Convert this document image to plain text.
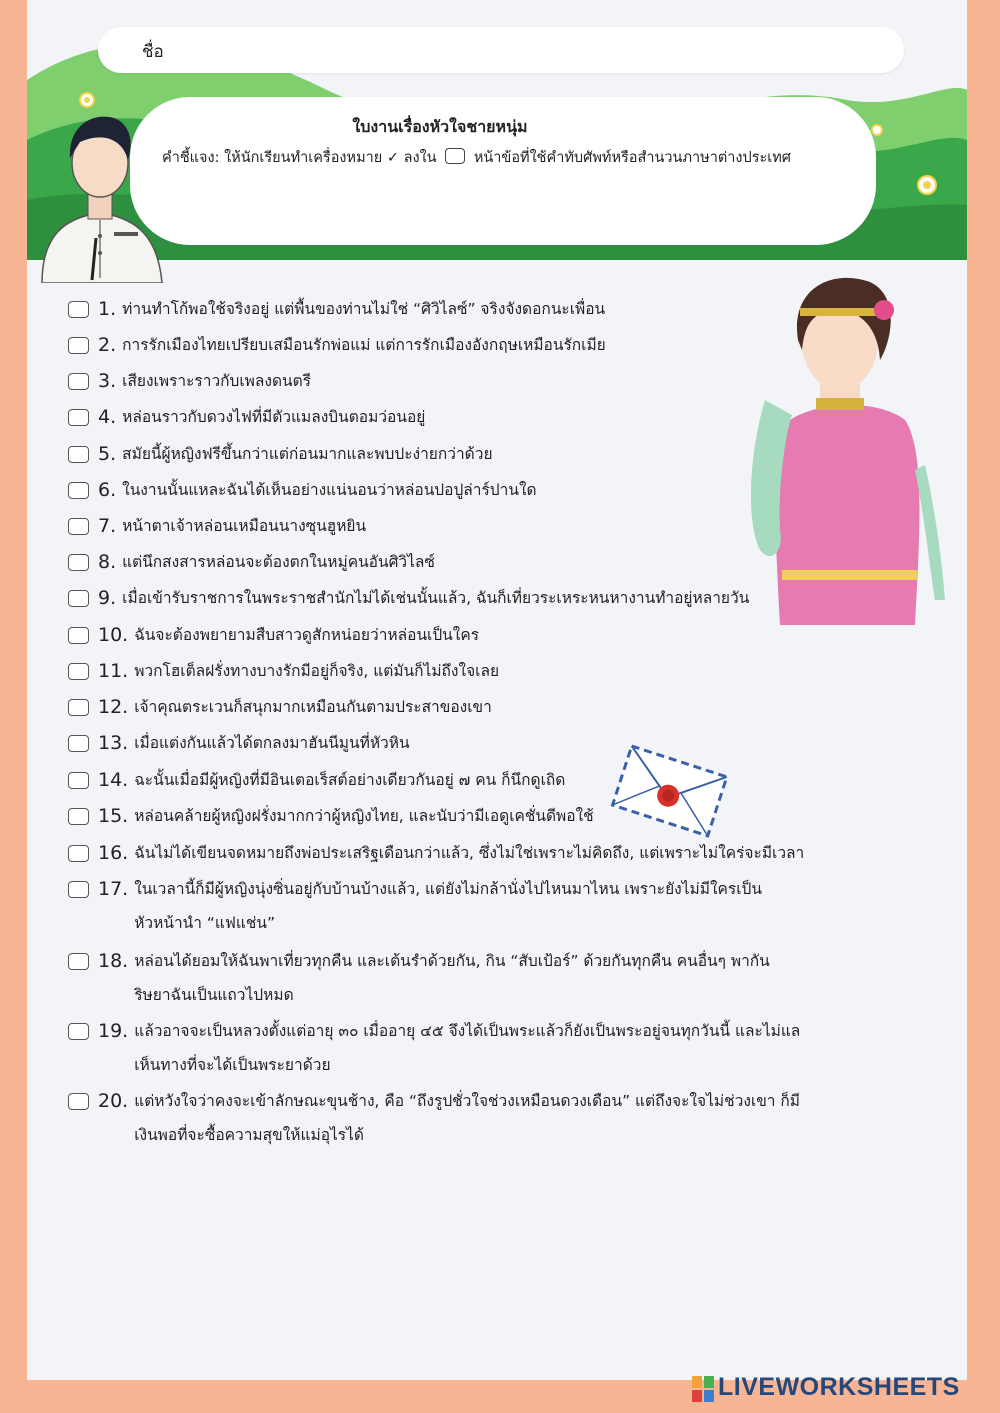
ชื่อ
ใบงานเรื่องหัวใจชายหนุ่ม
คำชี้แจง: ให้นักเรียนทำเครื่องหมาย ✓ ลงใน	หน้าข้อที่ใช้คำทับศัพท์หรือสำนวนภาษาต่างประเทศ
1. ท่านทำโก้พอใช้จริงอยู่ แต่พื้นของท่านไม่ใช่ “ศิวิไลซ์” จริงจังดอกนะเพื่อน
2. การรักเมืองไทยเปรียบเสมือนรักพ่อแม่ แต่การรักเมืองอังกฤษเหมือนรักเมีย
3. เสียงเพราะราวกับเพลงดนตรี
4. หล่อนราวกับดวงไฟที่มีตัวแมลงบินตอมว่อนอยู่
5. สมัยนี้ผู้หญิงฟรีขึ้นกว่าแต่ก่อนมากและพบปะง่ายกว่าด้วย
6. ในงานนั้นแหละฉันได้เห็นอย่างแน่นอนว่าหล่อนปอปูล่าร์ปานใด
7. หน้าตาเจ้าหล่อนเหมือนนางซุนฮูหยิน
8. แต่นึกสงสารหล่อนจะต้องตกในหมู่คนอันศิวิไลซ์
9. เมื่อเข้ารับราชการในพระราชสำนักไม่ได้เช่นนั้นแล้ว, ฉันก็เที่ยวระเหระหนหางานทำอยู่หลายวัน
10. ฉันจะต้องพยายามสืบสาวดูสักหน่อยว่าหล่อนเป็นใคร
11. พวกโฮเต็ลฝรั่งทางบางรักมีอยู่ก็จริง, แต่มันก็ไม่ถึงใจเลย
12. เจ้าคุณตระเวนก็สนุกมากเหมือนกันตามประสาของเขา
13. เมื่อแต่งกันแล้วได้ตกลงมาฮันนีมูนที่หัวหิน
14. ฉะนั้นเมื่อมีผู้หญิงที่มีอินเตอเร็สต์อย่างเดียวกันอยู่ ๗ คน ก็นึกดูเถิด
15. หล่อนคล้ายผู้หญิงฝรั่งมากกว่าผู้หญิงไทย, และนับว่ามีเอดูเคชั่นดีพอใช้
16. ฉันไม่ได้เขียนจดหมายถึงพ่อประเสริฐเดือนกว่าแล้ว, ซึ่งไม่ใช่เพราะไม่คิดถึง, แต่เพราะไม่ใคร่จะมีเวลา
17. ในเวลานี้ก็มีผู้หญิงนุ่งซิ่นอยู่กับบ้านบ้างแล้ว, แต่ยังไม่กล้านั่งไปไหนมาไหน เพราะยังไม่มีใครเป็น
หัวหน้านำ “แฟแช่น”
18. หล่อนได้ยอมให้ฉันพาเที่ยวทุกคืน และเต้นรำด้วยกัน, กิน “สับเป้อร์” ด้วยกันทุกคืน คนอื่นๆ พากัน
ริษยาฉันเป็นแถวไปหมด
19. แล้วอาจจะเป็นหลวงตั้งแต่อายุ ๓๐ เมื่ออายุ ๔๕ จึงได้เป็นพระแล้วก็ยังเป็นพระอยู่จนทุกวันนี้ และไม่แล
เห็นทางที่จะได้เป็นพระยาด้วย
20. แต่หวังใจว่าคงจะเข้าลักษณะขุนช้าง, คือ “ถึงรูปชั่วใจช่วงเหมือนดวงเดือน” แต่ถึงจะใจไม่ช่วงเขา ก็มี
เงินพอที่จะซื้อความสุขให้แม่อุไรได้
LIVEWORKSHEETS
